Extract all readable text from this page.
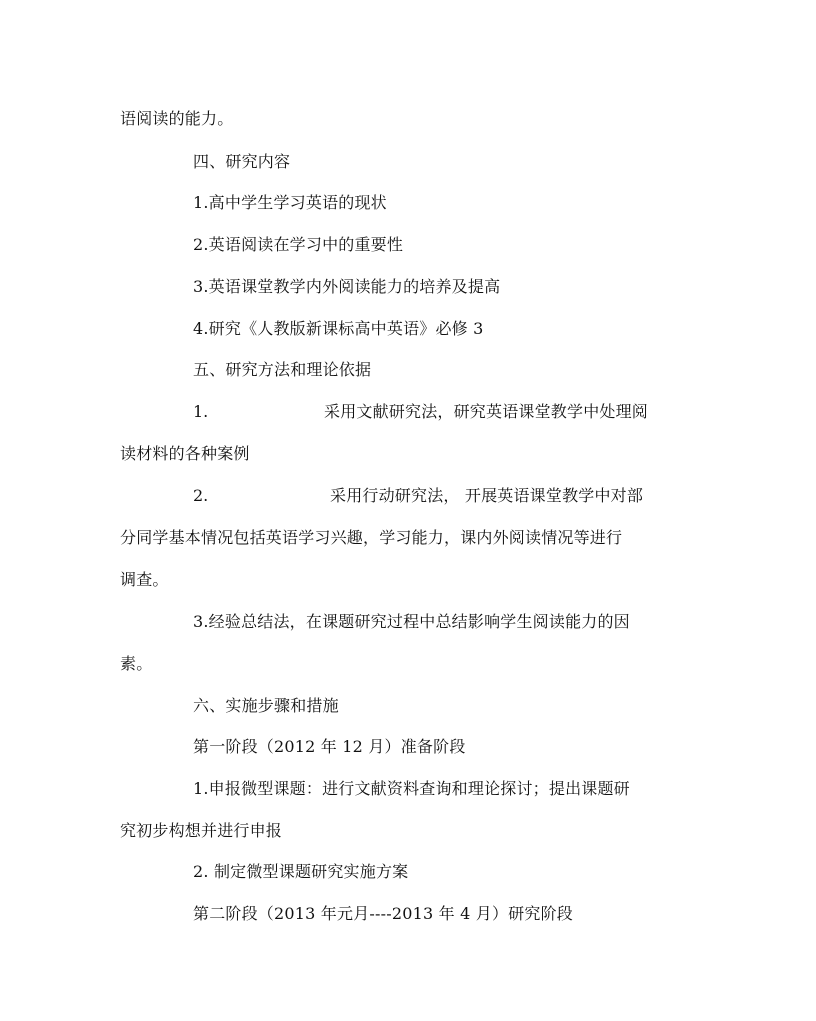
语阅读的能力。
四、研究内容
1.高中学生学习英语的现状
2.英语阅读在学习中的重要性
3.英语课堂教学内外阅读能力的培养及提高
4.研究《人教版新课标高中英语》必修 3
五、研究方法和理论依据
1.	采用文献研究法，研究英语课堂教学中处理阅
读材料的各种案例
2.	采用行动研究法， 开展英语课堂教学中对部
分同学基本情况包括英语学习兴趣，学习能力，课内外阅读情况等进行
调查。
3.经验总结法，在课题研究过程中总结影响学生阅读能力的因
素。
六、实施步骤和措施
第一阶段（2012 年 12 月）准备阶段
1.申报微型课题：进行文献资料查询和理论探讨；提出课题研
究初步构想并进行申报
2. 制定微型课题研究实施方案
第二阶段（2013 年元月----2013 年 4 月）研究阶段
